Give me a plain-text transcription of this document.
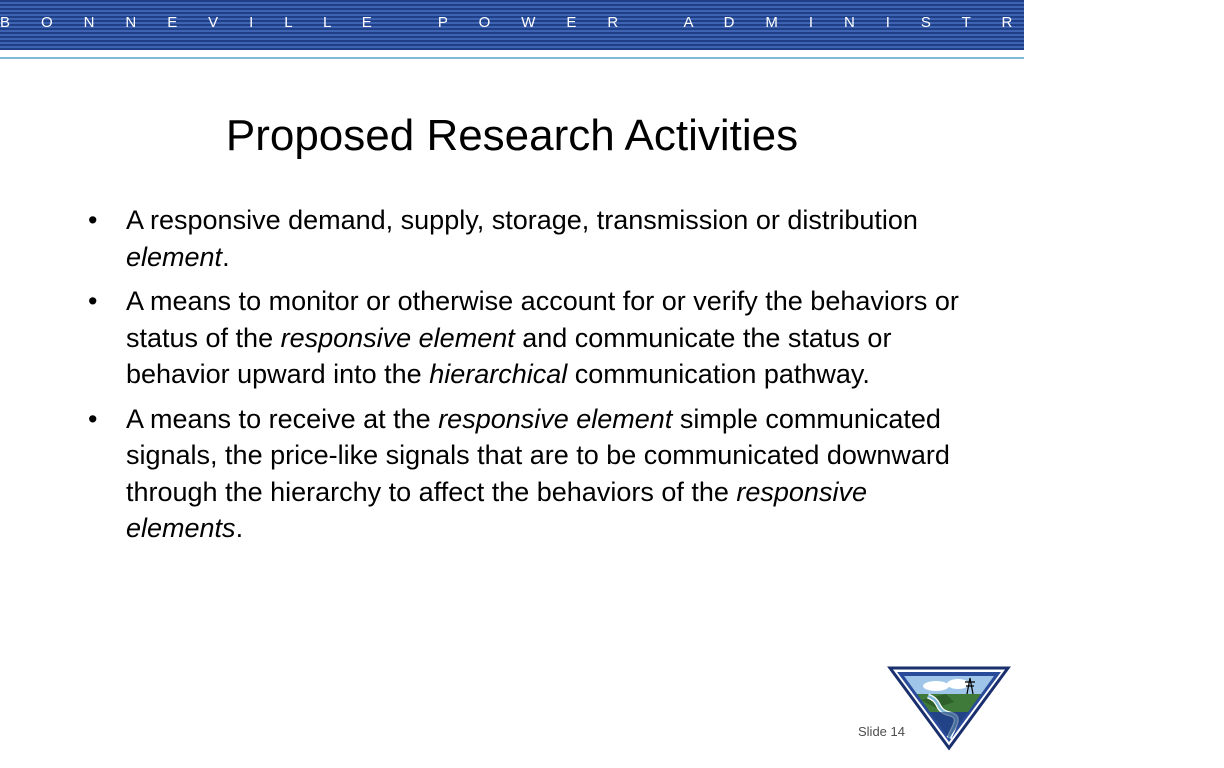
B O N N E V I L L E   P O W E R   A D M I N I S T R A T I O N
Proposed Research Activities
• A responsive demand, supply, storage, transmission or distribution element.
• A means to monitor or otherwise account for or verify the behaviors or status of the responsive element and communicate the status or behavior upward into the hierarchical communication pathway.
• A means to receive at the responsive element simple communicated signals, the price-like signals that are to be communicated downward through the hierarchy to affect the behaviors of the responsive elements.
Slide 14
